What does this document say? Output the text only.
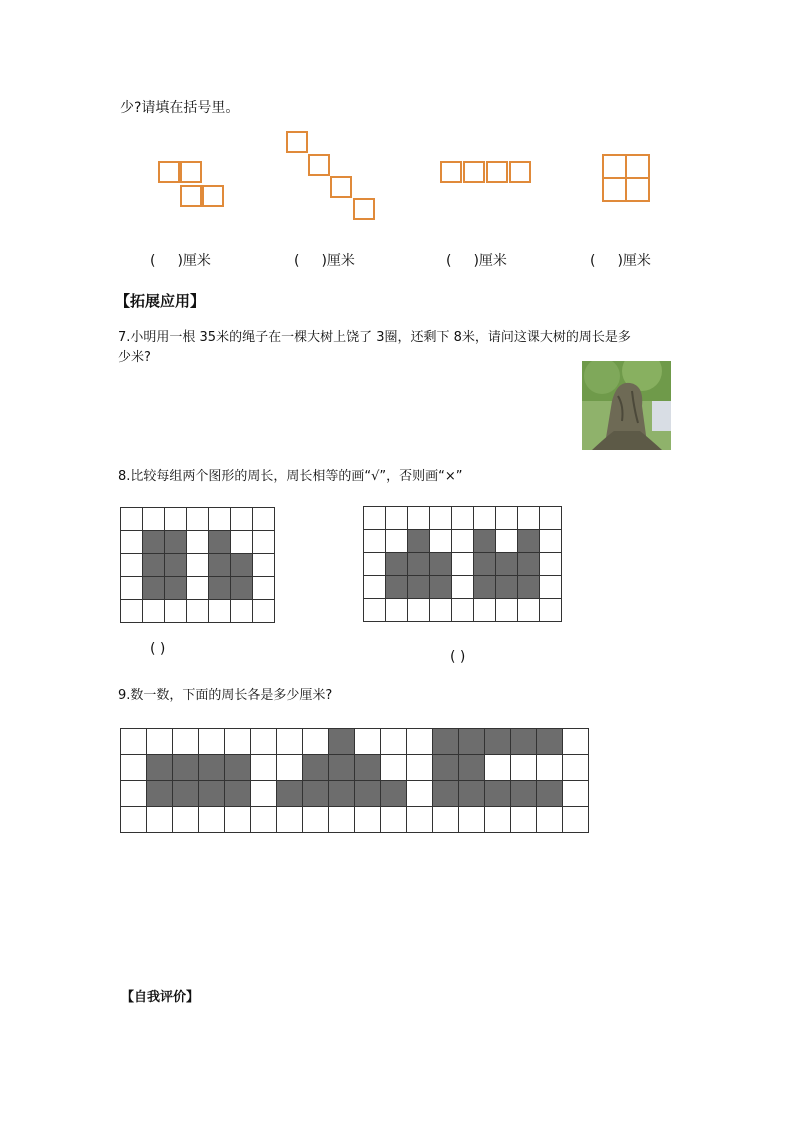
少?请填在括号里。
( )厘米	( )厘米	( )厘米	( )厘米
【拓展应用】
7.小明用一根 35米的绳子在一棵大树上饶了 3圈，还剩下 8米，请问这课大树的周长是多
少米?
8.比较每组两个图形的周长，周长相等的画“√”，否则画“×”

( )	( )
9.数一数，下面的周长各是多少厘米?

【自我评价】
